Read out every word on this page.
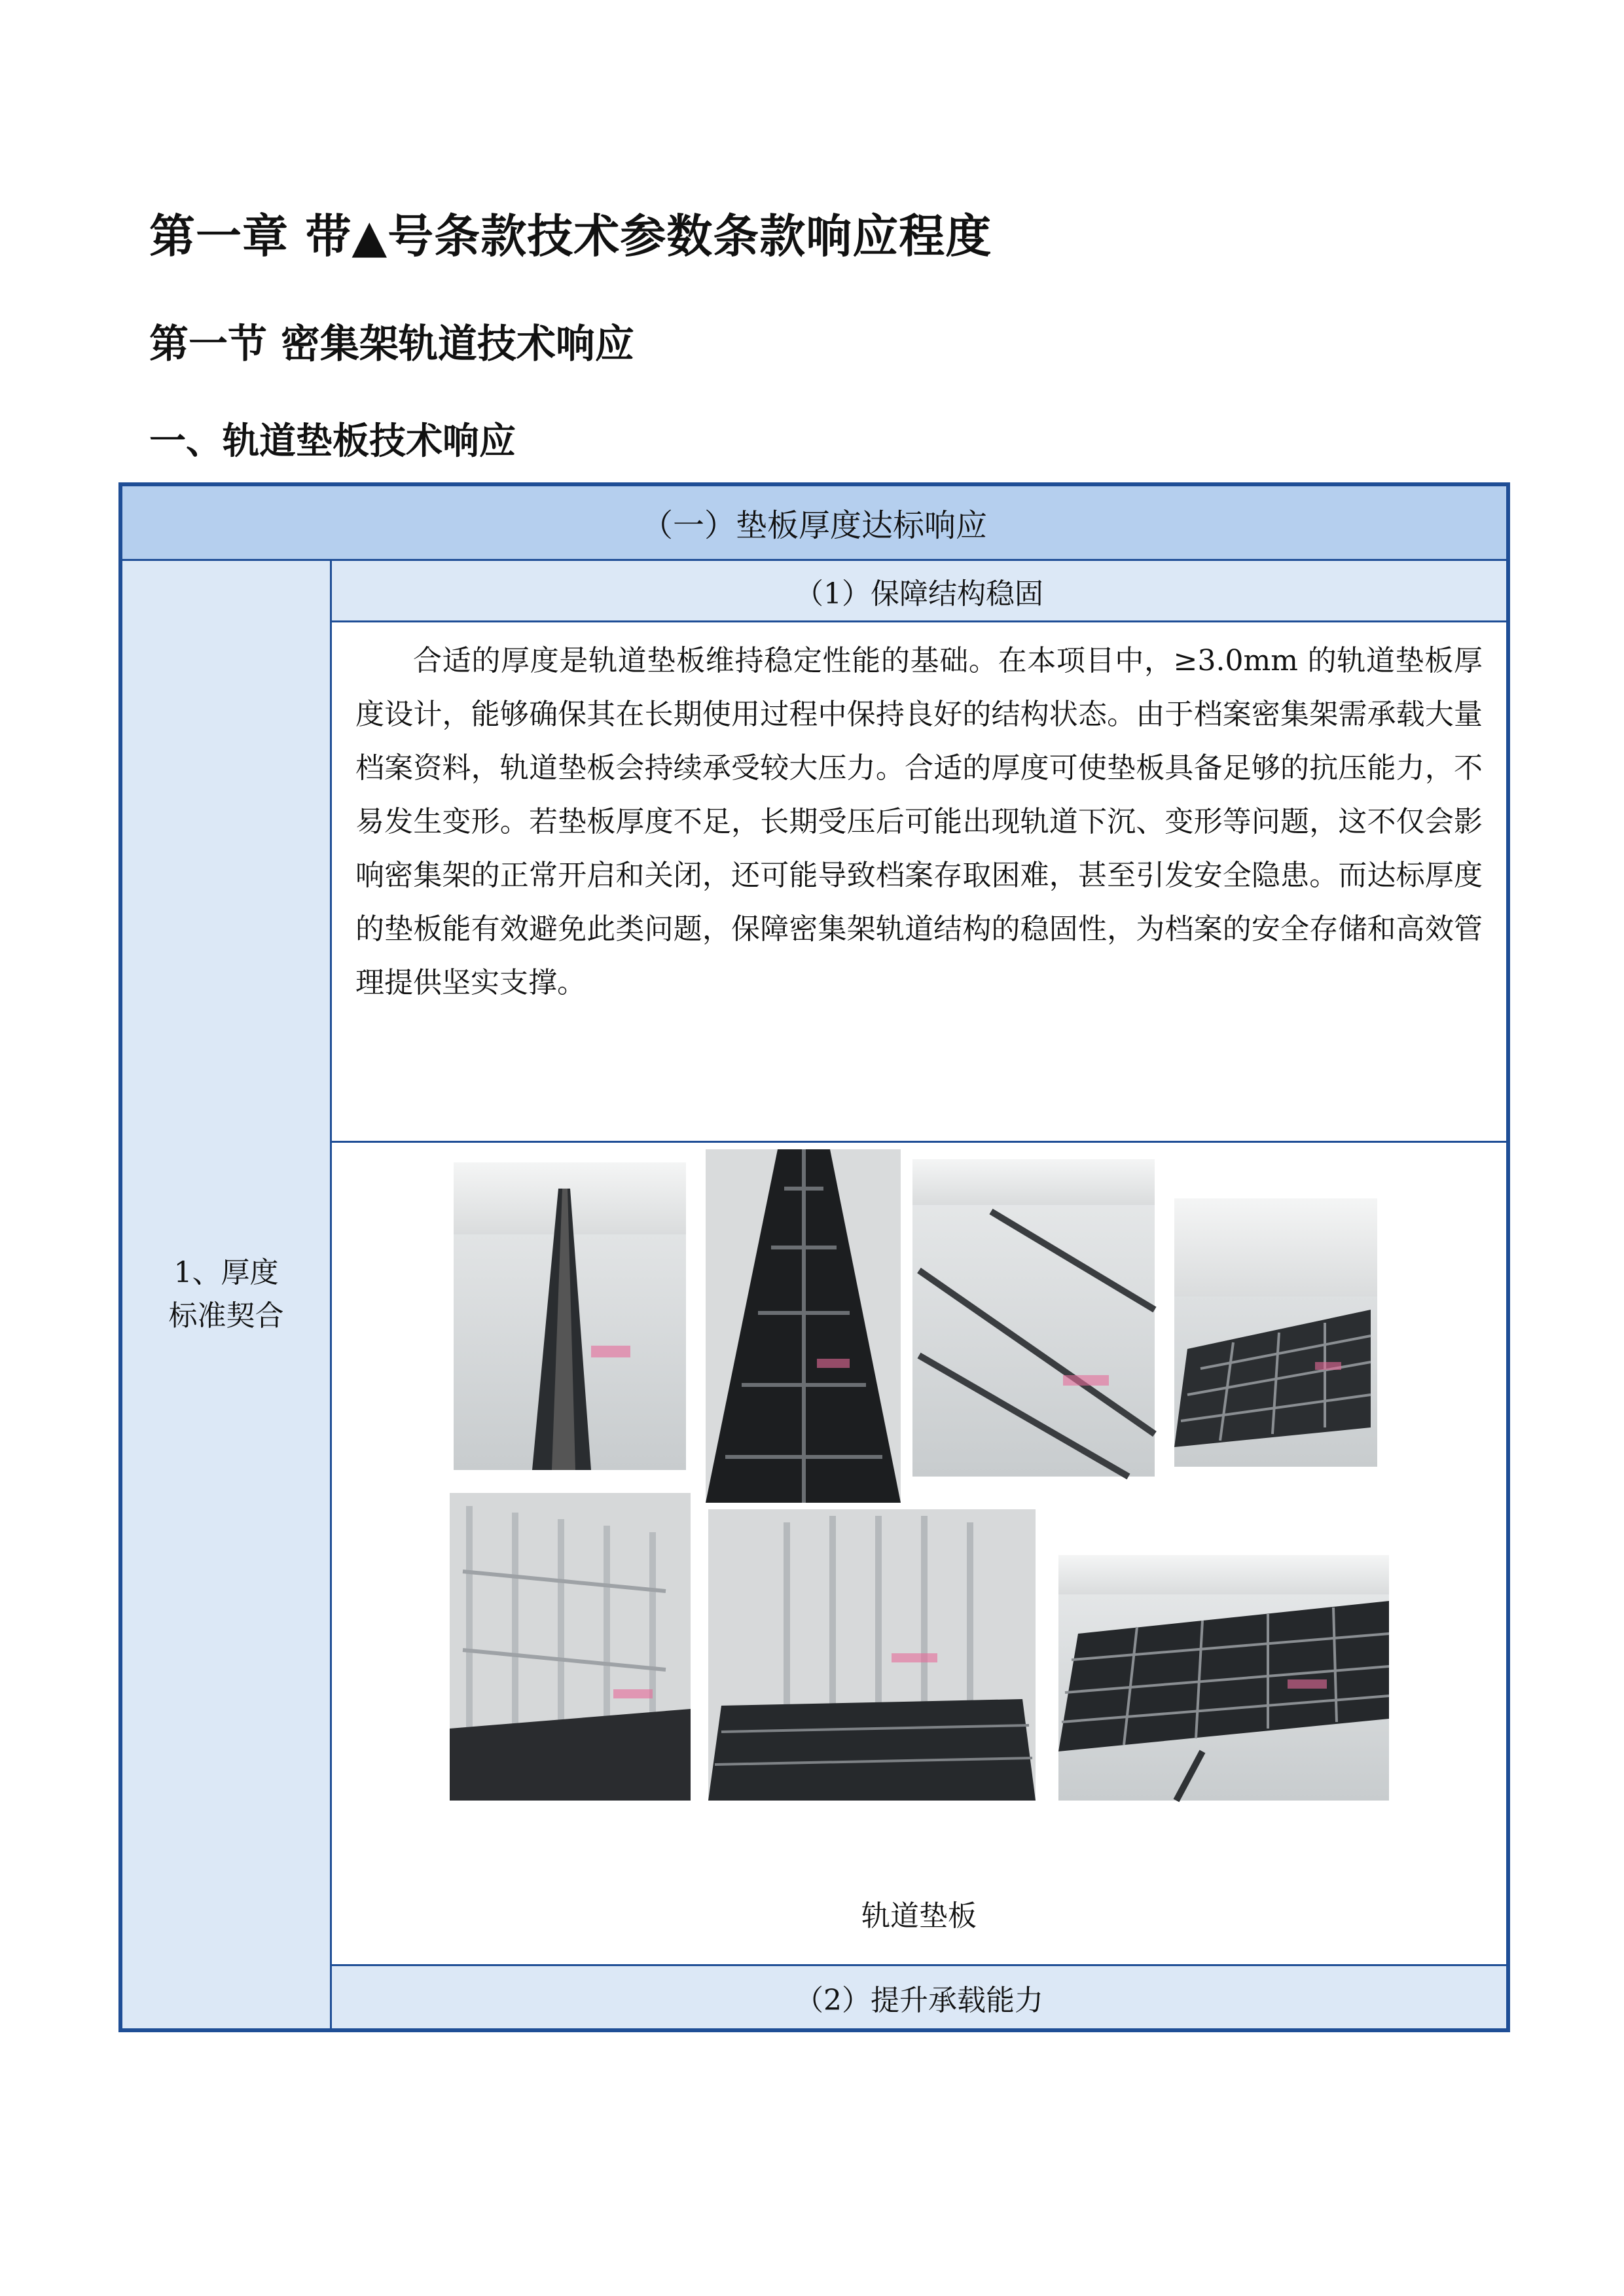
第一章 带▲号条款技术参数条款响应程度
第一节 密集架轨道技术响应
一、轨道垫板技术响应
（一）垫板厚度达标响应
1、厚度标准契合
（1）保障结构稳固
合适的厚度是轨道垫板维持稳定性能的基础。在本项目中，≥3.0mm 的轨道垫板厚度设计，能够确保其在长期使用过程中保持良好的结构状态。由于档案密集架需承载大量档案资料，轨道垫板会持续承受较大压力。合适的厚度可使垫板具备足够的抗压能力，不易发生变形。若垫板厚度不足，长期受压后可能出现轨道下沉、变形等问题，这不仅会影响密集架的正常开启和关闭，还可能导致档案存取困难，甚至引发安全隐患。而达标厚度的垫板能有效避免此类问题，保障密集架轨道结构的稳固性，为档案的安全存储和高效管理提供坚实支撑。
轨道垫板
（2）提升承载能力
